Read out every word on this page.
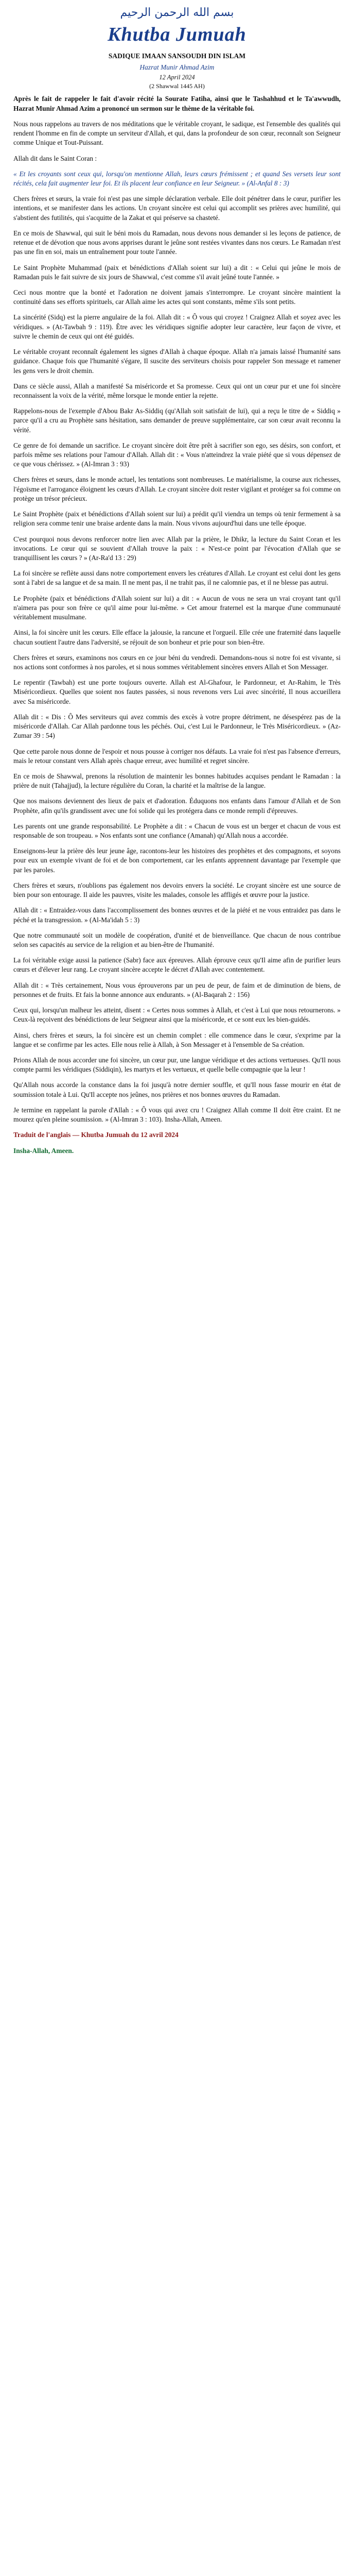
بسم الله الرحمن الرحيم
Khutba Jumuah
SADIQUE IMAAN SANSOUDH DIN ISLAM
Hazrat Munir Ahmad Azim
12 April 2024
(2 Shawwal 1445 AH)

Après le fait de rappeler le fait d'avoir récité la Sourate Fatiha, ainsi que le Tashahhud et le Ta'awwudh, Hazrat Munir Ahmad Azim a prononcé un sermon sur le thème de la véritable foi.

Nous nous rappelons au travers de nos méditations que le véritable croyant, le sadique, est l'ensemble des qualités qui rendent l'homme en fin de compte un serviteur d'Allah, et qui, dans la profondeur de son cœur, reconnaît son Seigneur comme Unique et Tout-Puissant.

Allah dit dans le Saint Coran :

« Et les croyants sont ceux qui, lorsqu'on mentionne Allah, leurs cœurs frémissent ; et quand Ses versets leur sont récités, cela fait augmenter leur foi. Et ils placent leur confiance en leur Seigneur. » (Al-Anfal 8 : 3)

Chers frères et sœurs, la vraie foi n'est pas une simple déclaration verbale. Elle doit pénétrer dans le cœur, purifier les intentions, et se manifester dans les actions. Un croyant sincère est celui qui accomplit ses prières avec humilité, qui s'abstient des futilités, qui s'acquitte de la Zakat et qui préserve sa chasteté.

En ce mois de Shawwal, qui suit le béni mois du Ramadan, nous devons nous demander si les leçons de patience, de retenue et de dévotion que nous avons apprises durant le jeûne sont restées vivantes dans nos cœurs. Le Ramadan n'est pas une fin en soi, mais un entraînement pour toute l'année.

Le Saint Prophète Muhammad (paix et bénédictions d'Allah soient sur lui) a dit : « Celui qui jeûne le mois de Ramadan puis le fait suivre de six jours de Shawwal, c'est comme s'il avait jeûné toute l'année. »

Ceci nous montre que la bonté et l'adoration ne doivent jamais s'interrompre. Le croyant sincère maintient la continuité dans ses efforts spirituels, car Allah aime les actes qui sont constants, même s'ils sont petits.

La sincérité (Sidq) est la pierre angulaire de la foi. Allah dit : « Ô vous qui croyez ! Craignez Allah et soyez avec les véridiques. » (At-Tawbah 9 : 119). Être avec les véridiques signifie adopter leur caractère, leur façon de vivre, et suivre le chemin de ceux qui ont été guidés.

Le véritable croyant reconnaît également les signes d'Allah à chaque époque. Allah n'a jamais laissé l'humanité sans guidance. Chaque fois que l'humanité s'égare, Il suscite des serviteurs choisis pour rappeler Son message et ramener les gens vers le droit chemin.

Dans ce siècle aussi, Allah a manifesté Sa miséricorde et Sa promesse. Ceux qui ont un cœur pur et une foi sincère reconnaissent la voix de la vérité, même lorsque le monde entier la rejette.

Rappelons-nous de l'exemple d'Abou Bakr As-Siddiq (qu'Allah soit satisfait de lui), qui a reçu le titre de « Siddiq » parce qu'il a cru au Prophète sans hésitation, sans demander de preuve supplémentaire, car son cœur avait reconnu la vérité.

Ce genre de foi demande un sacrifice. Le croyant sincère doit être prêt à sacrifier son ego, ses désirs, son confort, et parfois même ses relations pour l'amour d'Allah. Allah dit : « Vous n'atteindrez la vraie piété que si vous dépensez de ce que vous chérissez. » (Al-Imran 3 : 93)

Chers frères et sœurs, dans le monde actuel, les tentations sont nombreuses. Le matérialisme, la course aux richesses, l'égoïsme et l'arrogance éloignent les cœurs d'Allah. Le croyant sincère doit rester vigilant et protéger sa foi comme on protège un trésor précieux.

Le Saint Prophète (paix et bénédictions d'Allah soient sur lui) a prédit qu'il viendra un temps où tenir fermement à sa religion sera comme tenir une braise ardente dans la main. Nous vivons aujourd'hui dans une telle époque.

C'est pourquoi nous devons renforcer notre lien avec Allah par la prière, le Dhikr, la lecture du Saint Coran et les invocations. Le cœur qui se souvient d'Allah trouve la paix : « N'est-ce point par l'évocation d'Allah que se tranquillisent les cœurs ? » (Ar-Ra'd 13 : 29)

La foi sincère se reflète aussi dans notre comportement envers les créatures d'Allah. Le croyant est celui dont les gens sont à l'abri de sa langue et de sa main. Il ne ment pas, il ne trahit pas, il ne calomnie pas, et il ne blesse pas autrui.

Le Prophète (paix et bénédictions d'Allah soient sur lui) a dit : « Aucun de vous ne sera un vrai croyant tant qu'il n'aimera pas pour son frère ce qu'il aime pour lui-même. » Cet amour fraternel est la marque d'une communauté véritablement musulmane.

Ainsi, la foi sincère unit les cœurs. Elle efface la jalousie, la rancune et l'orgueil. Elle crée une fraternité dans laquelle chacun soutient l'autre dans l'adversité, se réjouit de son bonheur et prie pour son bien-être.

Chers frères et sœurs, examinons nos cœurs en ce jour béni du vendredi. Demandons-nous si notre foi est vivante, si nos actions sont conformes à nos paroles, et si nous sommes véritablement sincères envers Allah et Son Messager.

Le repentir (Tawbah) est une porte toujours ouverte. Allah est Al-Ghafour, le Pardonneur, et Ar-Rahim, le Très Miséricordieux. Quelles que soient nos fautes passées, si nous revenons vers Lui avec sincérité, Il nous accueillera avec Sa miséricorde.

Allah dit : « Dis : Ô Mes serviteurs qui avez commis des excès à votre propre détriment, ne désespérez pas de la miséricorde d'Allah. Car Allah pardonne tous les péchés. Oui, c'est Lui le Pardonneur, le Très Miséricordieux. » (Az-Zumar 39 : 54)

Que cette parole nous donne de l'espoir et nous pousse à corriger nos défauts. La vraie foi n'est pas l'absence d'erreurs, mais le retour constant vers Allah après chaque erreur, avec humilité et regret sincère.

En ce mois de Shawwal, prenons la résolution de maintenir les bonnes habitudes acquises pendant le Ramadan : la prière de nuit (Tahajjud), la lecture régulière du Coran, la charité et la maîtrise de la langue.

Que nos maisons deviennent des lieux de paix et d'adoration. Éduquons nos enfants dans l'amour d'Allah et de Son Prophète, afin qu'ils grandissent avec une foi solide qui les protégera dans ce monde rempli d'épreuves.

Les parents ont une grande responsabilité. Le Prophète a dit : « Chacun de vous est un berger et chacun de vous est responsable de son troupeau. » Nos enfants sont une confiance (Amanah) qu'Allah nous a accordée.

Enseignons-leur la prière dès leur jeune âge, racontons-leur les histoires des prophètes et des compagnons, et soyons pour eux un exemple vivant de foi et de bon comportement, car les enfants apprennent davantage par l'exemple que par les paroles.

Chers frères et sœurs, n'oublions pas également nos devoirs envers la société. Le croyant sincère est une source de bien pour son entourage. Il aide les pauvres, visite les malades, console les affligés et œuvre pour la justice.

Allah dit : « Entraidez-vous dans l'accomplissement des bonnes œuvres et de la piété et ne vous entraidez pas dans le péché et la transgression. » (Al-Ma'idah 5 : 3)

Que notre communauté soit un modèle de coopération, d'unité et de bienveillance. Que chacun de nous contribue selon ses capacités au service de la religion et au bien-être de l'humanité.

La foi véritable exige aussi la patience (Sabr) face aux épreuves. Allah éprouve ceux qu'Il aime afin de purifier leurs cœurs et d'élever leur rang. Le croyant sincère accepte le décret d'Allah avec contentement.

Allah dit : « Très certainement, Nous vous éprouverons par un peu de peur, de faim et de diminution de biens, de personnes et de fruits. Et fais la bonne annonce aux endurants. » (Al-Baqarah 2 : 156)

Ceux qui, lorsqu'un malheur les atteint, disent : « Certes nous sommes à Allah, et c'est à Lui que nous retournerons. » Ceux-là reçoivent des bénédictions de leur Seigneur ainsi que la miséricorde, et ce sont eux les bien-guidés.

Ainsi, chers frères et sœurs, la foi sincère est un chemin complet : elle commence dans le cœur, s'exprime par la langue et se confirme par les actes. Elle nous relie à Allah, à Son Messager et à l'ensemble de Sa création.

Prions Allah de nous accorder une foi sincère, un cœur pur, une langue véridique et des actions vertueuses. Qu'Il nous compte parmi les véridiques (Siddiqin), les martyrs et les vertueux, et quelle belle compagnie que la leur !

Qu'Allah nous accorde la constance dans la foi jusqu'à notre dernier souffle, et qu'Il nous fasse mourir en état de soumission totale à Lui. Qu'Il accepte nos jeûnes, nos prières et nos bonnes œuvres du Ramadan.

Je termine en rappelant la parole d'Allah : « Ô vous qui avez cru ! Craignez Allah comme Il doit être craint. Et ne mourez qu'en pleine soumission. » (Al-Imran 3 : 103). Insha-Allah, Ameen.

Traduit de l'anglais — Khutba Jumuah du 12 avril 2024

Insha-Allah, Ameen.
